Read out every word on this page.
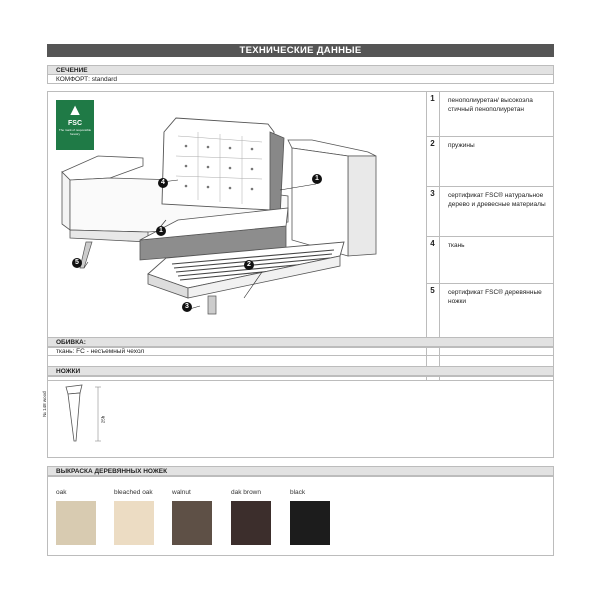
ТЕХНИЧЕСКИЕ ДАННЫЕ
СЕЧЕНИЕ
КОМФОРТ: standard
▲
FSC
The mark of responsible forestry
1
2
3
1
4
5
1	пенополиуретан/ высокоэла стичный пенополиуретан
2	пружины
3	сертификат FSC® натуральное дерево и древесные материалы
4	ткань
5	сертификат FSC® деревянные ножки
ОБИВКА:
ткань: FC - несъемный чехол
НОЖКИ
№ 148 wood
25h
ВЫКРАСКА ДЕРЕВЯННЫХ НОЖЕК
oak	bleached oak	walnut	dak brown	black
